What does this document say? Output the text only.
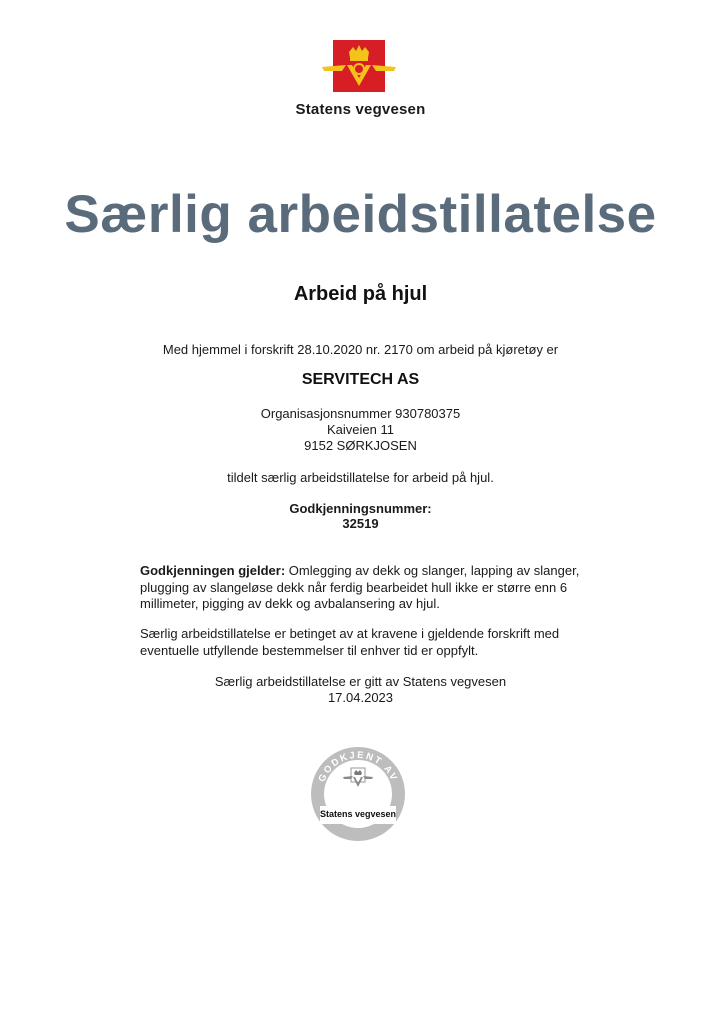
Statens vegvesen
Særlig arbeidstillatelse
Arbeid på hjul
Med hjemmel i forskrift 28.10.2020 nr. 2170 om arbeid på kjøretøy er
SERVITECH AS
Organisasjonsnummer 930780375
Kaiveien 11
9152 SØRKJOSEN
tildelt særlig arbeidstillatelse for arbeid på hjul.
Godkjenningsnummer:
32519
Godkjenningen gjelder: Omlegging av dekk og slanger, lapping av slanger, plugging av slangeløse dekk når ferdig bearbeidet hull ikke er større enn 6 millimeter, pigging av dekk og avbalansering av hjul.
Særlig arbeidstillatelse er betinget av at kravene i gjeldende forskrift med eventuelle utfyllende bestemmelser til enhver tid er oppfylt.
Særlig arbeidstillatelse er gitt av Statens vegvesen
17.04.2023
GODKJENT AV
Statens vegvesen
